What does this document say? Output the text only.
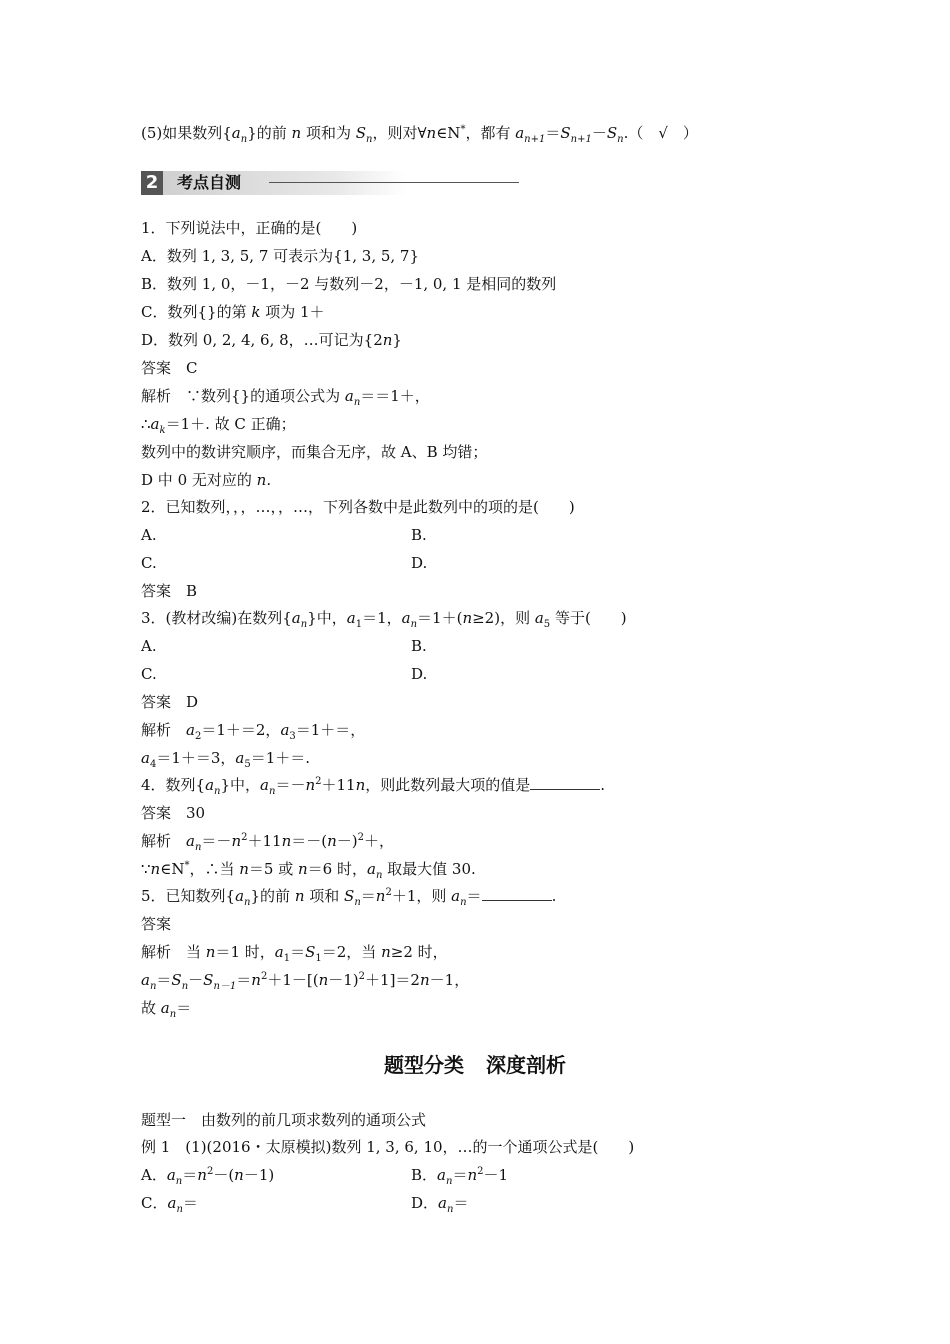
(5)如果数列$\{a_n\}$的前 n 项和为 $S_n$，则对∀n∈N*，都有 $a_{n+1}=S_{n+1}-S_n$.（　√　）
2 考点自测
1．下列说法中，正确的是(　　)
A．数列 1, 3, 5, 7 可表示为{1, 3, 5, 7}
B．数列 1, 0，－1，－2 与数列－2，－1, 0, 1 是相同的数列
C．数列{}的第 k 项为 1＋
D．数列 0, 2, 4, 6, 8，…可记为{2n}
答案　C
解析　∵数列{}的通项公式为 $a_n==1+$，
$\therefore a_k=1+$. 故 C 正确；
数列中的数讲究顺序，而集合无序，故 A、B 均错；
D 中 0 无对应的 n.
2．已知数列，，，…，，…，下列各数中是此数列中的项的是(　　)
A.	B.
C.	D.
答案　B
3．(教材改编)在数列$\{a_n\}$中，$a_1=1$，$a_n=1+(n\ge 2)$，则 $a_5$ 等于(　　)
A.	B.
C.	D.
答案　D
解析　$a_2=1+=2$，$a_3=1+=$，
$a_4=1+=3$，$a_5=1+=$.
4．数列$\{a_n\}$中，$a_n=-n^2+11n$，则此数列最大项的值是	.
答案　30
解析　$a_n=-n^2+11n=-(n-)^2+$，
∵n∈N*，∴当 n＝5 或 n＝6 时，$a_n$ 取最大值 30.
5．已知数列$\{a_n\}$的前 n 项和 $S_n=n^2+1$，则 $a_n=$	.
答案
解析　当 n＝1 时，$a_1=S_1=2$，当 n≥2 时，
$a_n=S_n-S_{n-1}=n^2+1-[(n-1)^2+1]=2n-1$，
故 $a_n=$
题型分类 深度剖析
题型一　由数列的前几项求数列的通项公式
例 1　(1)(2016・太原模拟)数列 1, 3, 6, 10，…的一个通项公式是(　　)
A．$a_n=n^2-(n-1)$	B．$a_n=n^2-1$
C．$a_n=$	D．$a_n=$
